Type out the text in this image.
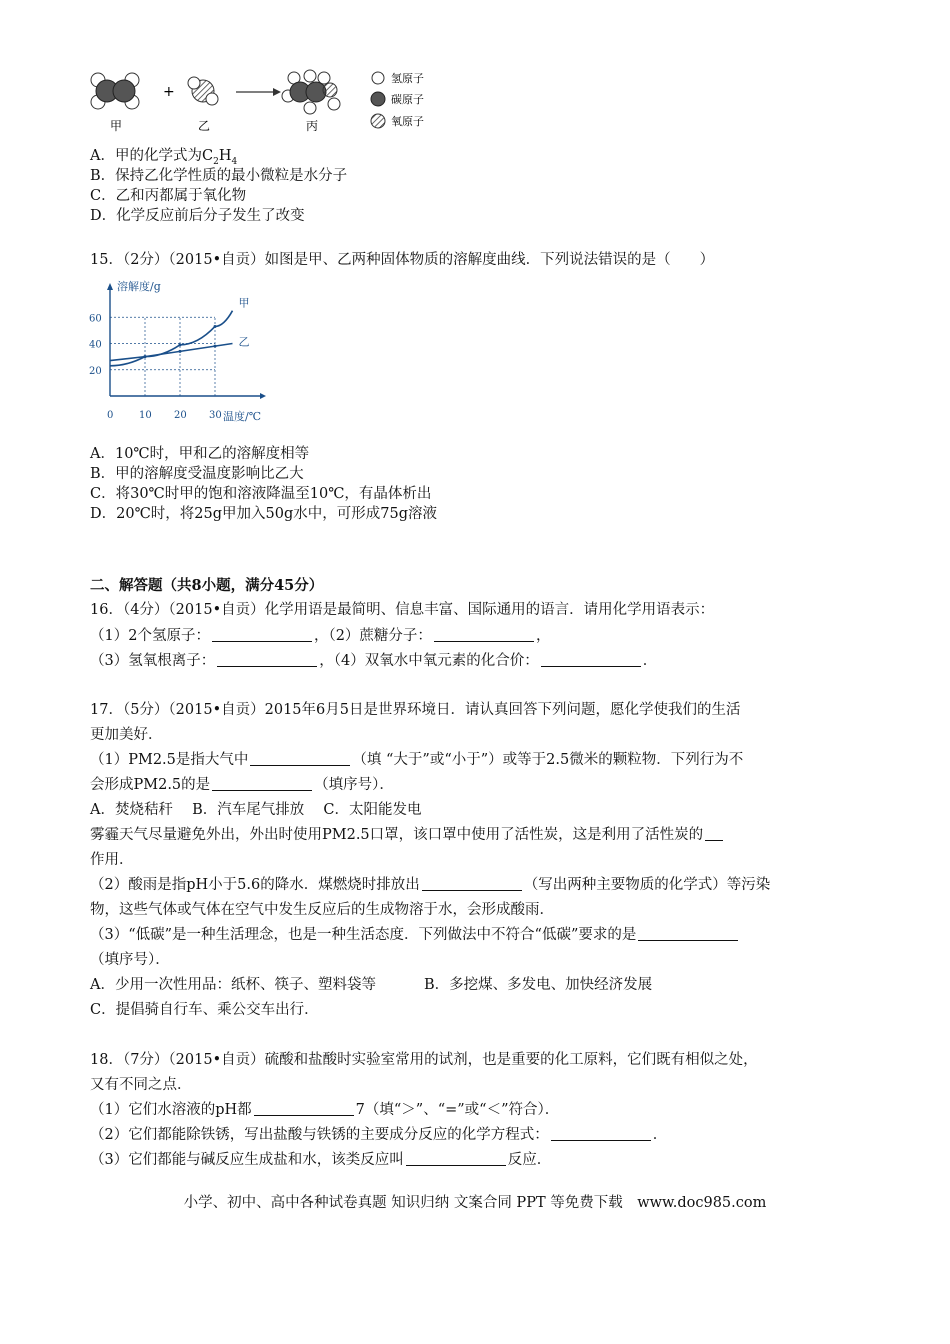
+
甲	乙	丙
氢原子
碳原子
氧原子
A．甲的化学式为$C_2H_4$
B．保持乙化学性质的最小微粒是水分子
C．乙和丙都属于氧化物
D．化学反应前后分子发生了改变
15．（2分）（2015•自贡）如图是甲、乙两种固体物质的溶解度曲线．下列说法错误的是（　　）
甲
乙
20
40
60
0	10 20 30
溶解度/g
温度/℃
A．10℃时，甲和乙的溶解度相等
B．甲的溶解度受温度影响比乙大
C．将30℃时甲的饱和溶液降温至10℃，有晶体析出
D．20℃时，将25g甲加入50g水中，可形成75g溶液
二、解答题（共8小题，满分45分）
16．（4分）（2015•自贡）化学用语是最简明、信息丰富、国际通用的语言．请用化学用语表示：
（1）2个氢原子：	，（2）蔗糖分子：	，
（3）氢氧根离子：	，（4）双氧水中氧元素的化合价：	．
17．（5分）（2015•自贡）2015年6月5日是世界环境日．请认真回答下列问题，愿化学使我们的生活
更加美好．
（1）PM2.5是指大气中	（填 “大于”或“小于”）或等于2.5微米的颗粒物．下列行为不
会形成PM2.5的是	（填序号）．
A．焚烧秸秆　 B．汽车尾气排放　 C．太阳能发电
雾霾天气尽量避免外出，外出时使用PM2.5口罩，该口罩中使用了活性炭，这是利用了活性炭的
作用．
（2）酸雨是指pH小于5.6的降水．煤燃烧时排放出	（写出两种主要物质的化学式）等污染
物，这些气体或气体在空气中发生反应后的生成物溶于水，会形成酸雨．
（3）“低碳”是一种生活理念，也是一种生活态度．下列做法中不符合“低碳”要求的是
（填序号）．
A．少用一次性用品：纸杯、筷子、塑料袋等	B．多挖煤、多发电、加快经济发展
C．提倡骑自行车、乘公交车出行．
18．（7分）（2015•自贡）硫酸和盐酸时实验室常用的试剂，也是重要的化工原料，它们既有相似之处，
又有不同之点．
（1）它们水溶液的pH都	7（填“＞”、“=”或“＜”符合）．
（2）它们都能除铁锈，写出盐酸与铁锈的主要成分反应的化学方程式：	．
（3）它们都能与碱反应生成盐和水，该类反应叫	反应．
小学、初中、高中各种试卷真题 知识归纳 文案合同 PPT 等免费下载　www.doc985.com
